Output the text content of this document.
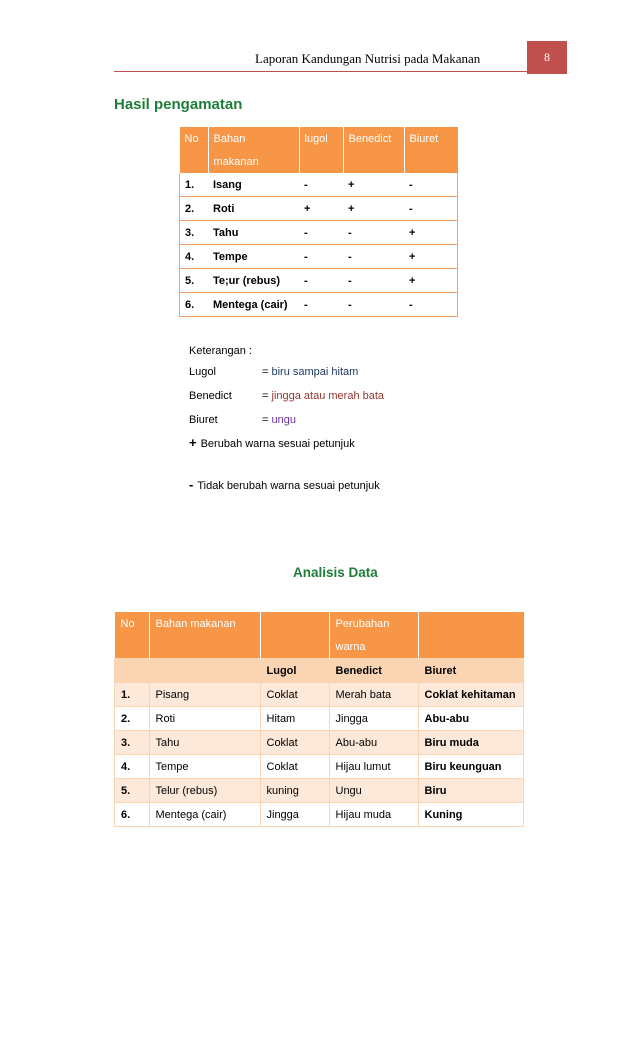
Laporan Kandungan Nutrisi pada Makanan	8
Hasil pengamatan
No	Bahan	lugol	Benedict	Biuret
	makanan			
1.	Isang	-	+	-
2.	Roti	+	+	-
3.	Tahu	-	-	+
4.	Tempe	-	-	+
5.	Te;ur (rebus)	-	-	+
6.	Mentega (cair)	-	-	-
Keterangan :
Lugol	= biru sampai hitam
Benedict	= jingga atau merah bata
Biuret	= ungu
+ Berubah warna sesuai petunjuk
- Tidak berubah warna sesuai petunjuk
Analisis Data
No	Bahan makanan		Perubahan	
			warna	
		Lugol	Benedict	Biuret
1.	Pisang	Coklat	Merah bata	Coklat kehitaman
2.	Roti	Hitam	Jingga	Abu-abu
3.	Tahu	Coklat	Abu-abu	Biru muda
4.	Tempe	Coklat	Hijau lumut	Biru keunguan
5.	Telur (rebus)	kuning	Ungu	Biru
6.	Mentega (cair)	Jingga	Hijau muda	Kuning
